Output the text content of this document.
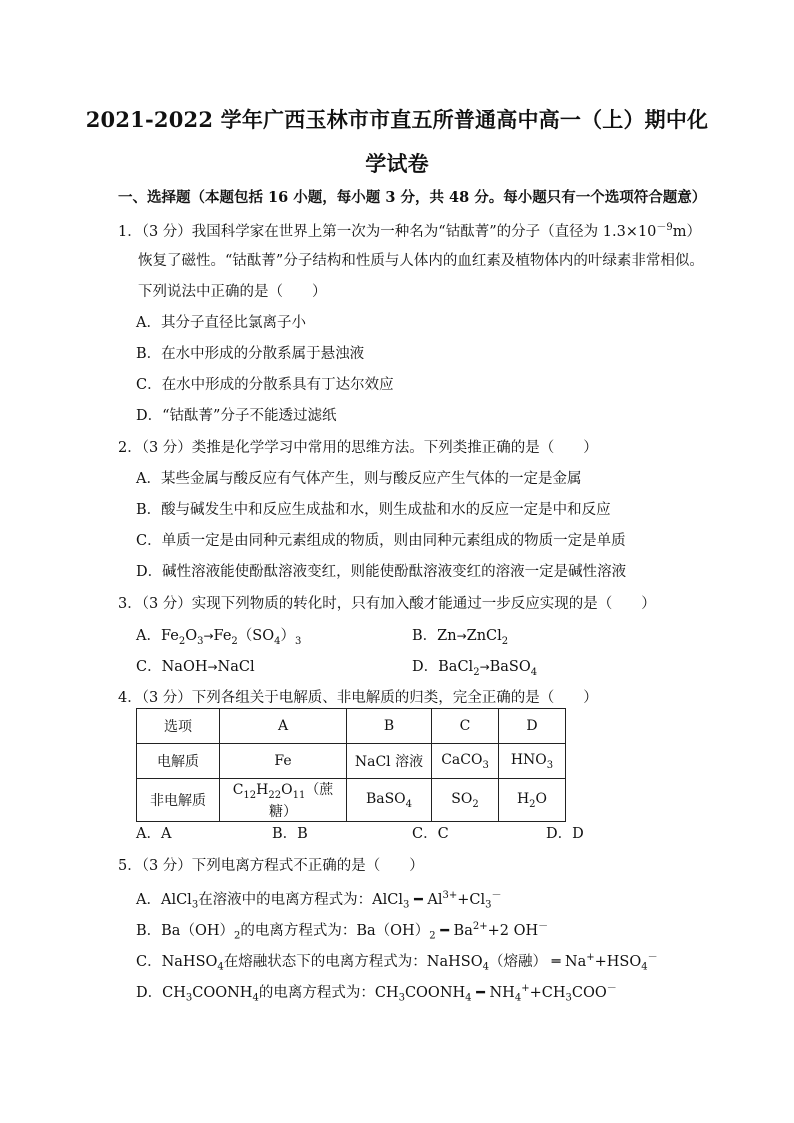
2021-2022 学年广西玉林市市直五所普通高中高一（上）期中化
学试卷
一、选择题（本题包括 16 小题，每小题 3 分，共 48 分。每小题只有一个选项符合题意）
1．（3 分）我国科学家在世界上第一次为一种名为“钴酞菁”的分子（直径为 $1.3\times 10^{-9}m$）
恢复了磁性。“钴酞菁”分子结构和性质与人体内的血红素及植物体内的叶绿素非常相似。
下列说法中正确的是（　　）
A．其分子直径比氯离子小
B．在水中形成的分散系属于悬浊液
C．在水中形成的分散系具有丁达尔效应
D．“钴酞菁”分子不能透过滤纸
2．（3 分）类推是化学学习中常用的思维方法。下列类推正确的是（　　）
A．某些金属与酸反应有气体产生，则与酸反应产生气体的一定是金属
B．酸与碱发生中和反应生成盐和水，则生成盐和水的反应一定是中和反应
C．单质一定是由同种元素组成的物质，则由同种元素组成的物质一定是单质
D．碱性溶液能使酚酞溶液变红，则能使酚酞溶液变红的溶液一定是碱性溶液
3．（3 分）实现下列物质的转化时，只有加入酸才能通过一步反应实现的是（　　）
A．$Fe_2O_3\to Fe_2(SO_4)_3$	B．Zn→ZnCl$_2$
C．NaOH→NaCl	D．BaCl$_2$→BaSO$_4$
4．（3 分）下列各组关于电解质、非电解质的归类，完全正确的是（　　）
选项	A	B	C	D
电解质	Fe	NaCl 溶液	CaCO$_3$	$HNO_3$
非电解质	$C_{12}H_{22}O_{11}$（蔗糖）	BaSO$_4$	$SO_2$	$H_2O$
A．A	B．B	C．C	D．D
5．（3 分）下列电离方程式不正确的是（　　）
A．AlCl$_3$在溶液中的电离方程式为：AlCl$_3$ ━ $Al^{3+}+Cl_3^-$
B．$Ba(OH)_2$的电离方程式为：$Ba(OH)_2$ ━ $Ba^{2+}+2$ OH－
C．NaHSO$_4$在熔融状态下的电离方程式为：NaHSO$_4$（熔融） ═ $Na^++HSO_4^-$
D．$CH_3COONH_4$的电离方程式为：$CH_3COONH_4$ ━ $NH_4^++CH_3COO^-$
